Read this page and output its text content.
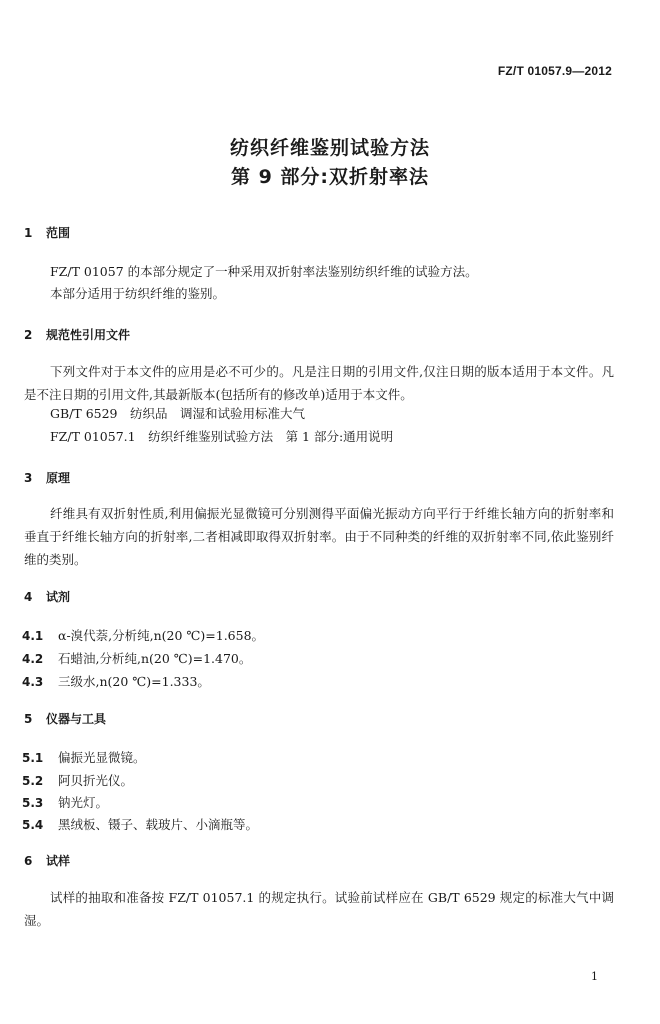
FZ/T 01057.9—2012
纺织纤维鉴别试验方法
第 9 部分:双折射率法
1 范围
FZ/T 01057 的本部分规定了一种采用双折射率法鉴别纺织纤维的试验方法。
本部分适用于纺织纤维的鉴别。
2 规范性引用文件
下列文件对于本文件的应用是必不可少的。凡是注日期的引用文件,仅注日期的版本适用于本文件。凡是不注日期的引用文件,其最新版本(包括所有的修改单)适用于本文件。
GB/T 6529　纺织品　调湿和试验用标准大气
FZ/T 01057.1　纺织纤维鉴别试验方法　第 1 部分:通用说明
3 原理
纤维具有双折射性质,利用偏振光显微镜可分别测得平面偏光振动方向平行于纤维长轴方向的折射率和垂直于纤维长轴方向的折射率,二者相减即取得双折射率。由于不同种类的纤维的双折射率不同,依此鉴别纤维的类别。
4 试剂
4.1 α-溴代萘,分析纯,n(20 ℃)=1.658。
4.2 石蜡油,分析纯,n(20 ℃)=1.470。
4.3 三级水,n(20 ℃)=1.333。
5 仪器与工具
5.1 偏振光显微镜。
5.2 阿贝折光仪。
5.3 钠光灯。
5.4 黑绒板、镊子、载玻片、小滴瓶等。
6 试样
试样的抽取和准备按 FZ/T 01057.1 的规定执行。试验前试样应在 GB/T 6529 规定的标准大气中调湿。
1
